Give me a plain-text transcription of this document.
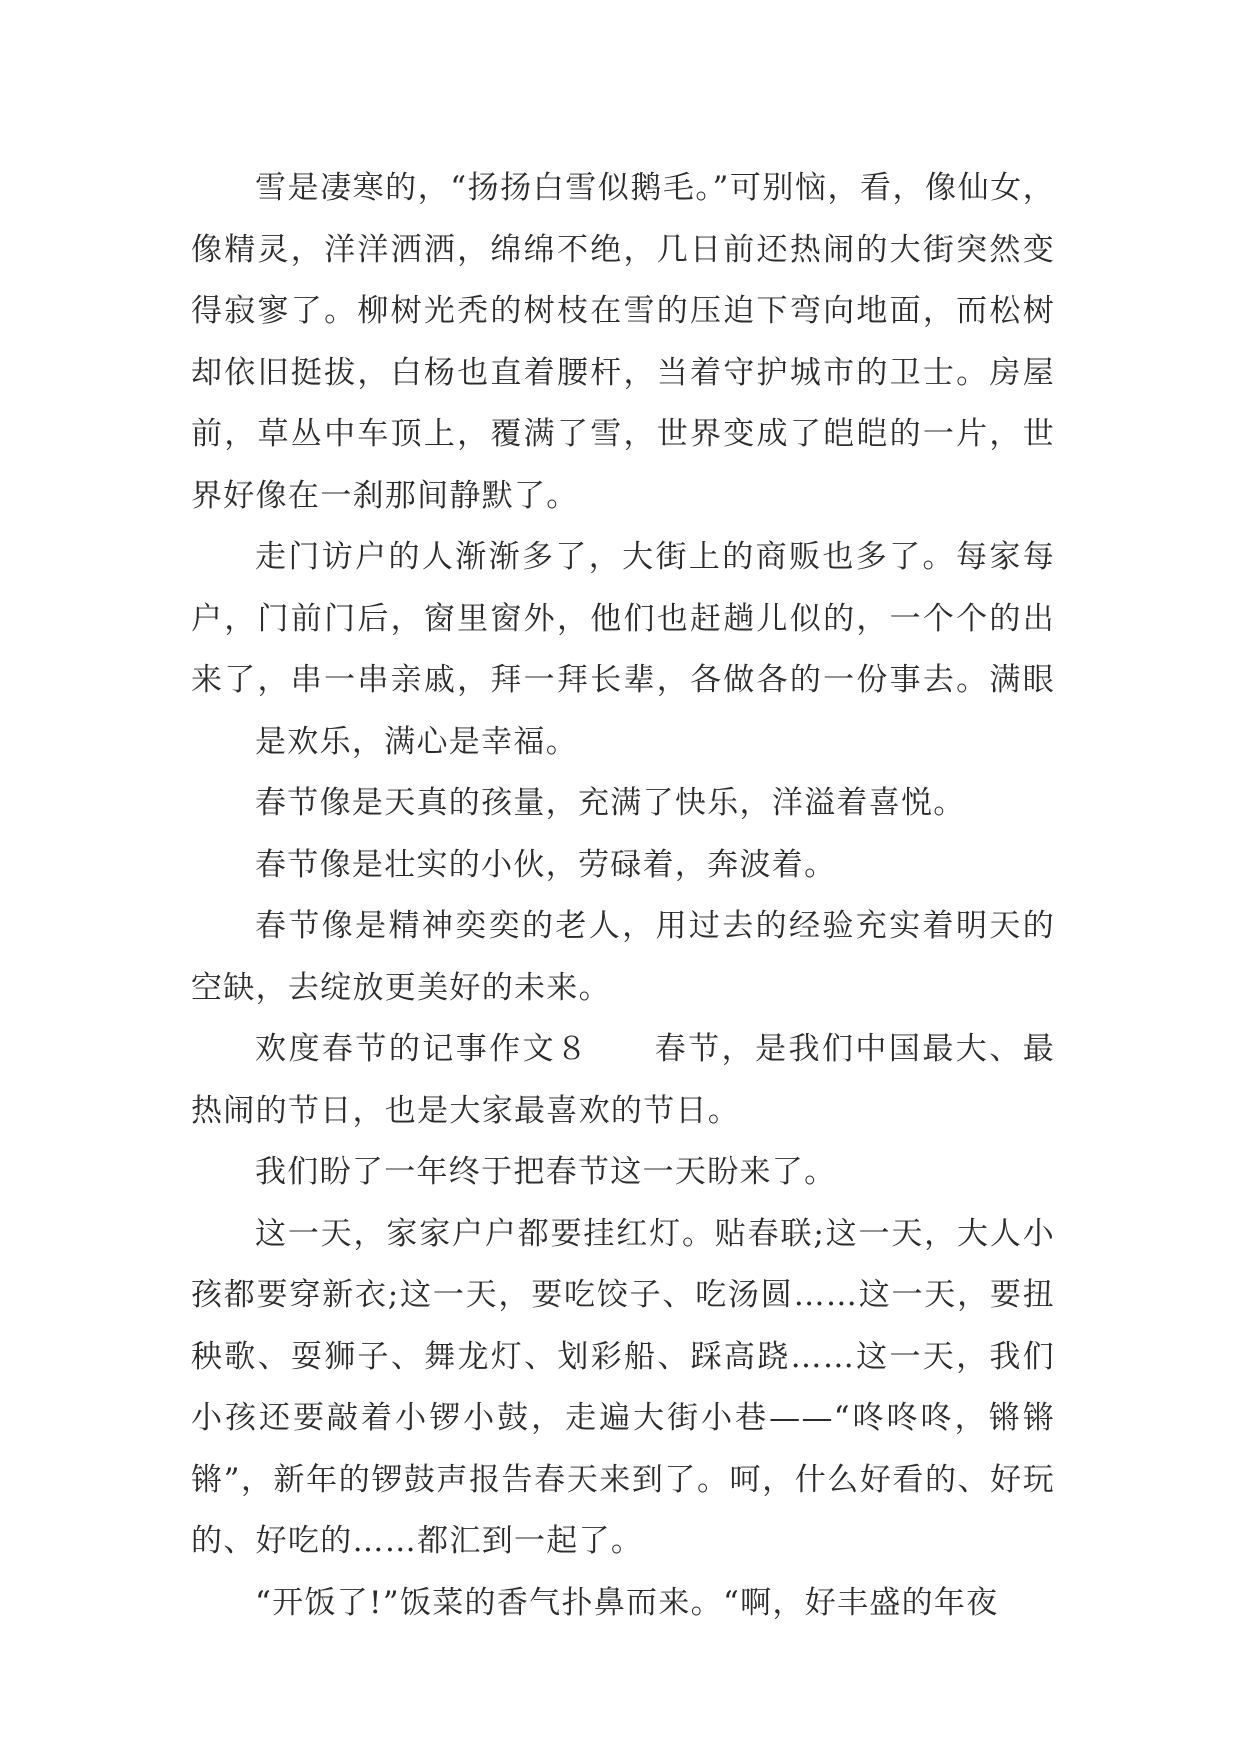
雪是凄寒的，“扬扬白雪似鹅毛。”可别恼，看，像仙女，像精灵，洋洋洒洒，绵绵不绝，几日前还热闹的大街突然变得寂寥了。柳树光秃的树枝在雪的压迫下弯向地面，而松树却依旧挺拔，白杨也直着腰杆，当着守护城市的卫士。房屋前，草丛中车顶上，覆满了雪，世界变成了皑皑的一片，世界好像在一刹那间静默了。

走门访户的人渐渐多了，大街上的商贩也多了。每家每户，门前门后，窗里窗外，他们也赶趟儿似的，一个个的出来了，串一串亲戚，拜一拜长辈，各做各的一份事去。满眼

是欢乐，满心是幸福。

春节像是天真的孩量，充满了快乐，洋溢着喜悦。

春节像是壮实的小伙，劳碌着，奔波着。

春节像是精神奕奕的老人，用过去的经验充实着明天的空缺，去绽放更美好的未来。

欢度春节的记事作文８ 春节，是我们中国最大、最热闹的节日，也是大家最喜欢的节日。

我们盼了一年终于把春节这一天盼来了。

这一天，家家户户都要挂红灯。贴春联;这一天，大人小孩都要穿新衣;这一天，要吃饺子、吃汤圆……这一天，要扭秧歌、耍狮子、舞龙灯、划彩船、踩高跷……这一天，我们小孩还要敲着小锣小鼓，走遍大街小巷——“咚咚咚，锵锵锵”，新年的锣鼓声报告春天来到了。呵，什么好看的、好玩的、好吃的……都汇到一起了。

“开饭了!”饭菜的香气扑鼻而来。“啊，好丰盛的年夜
